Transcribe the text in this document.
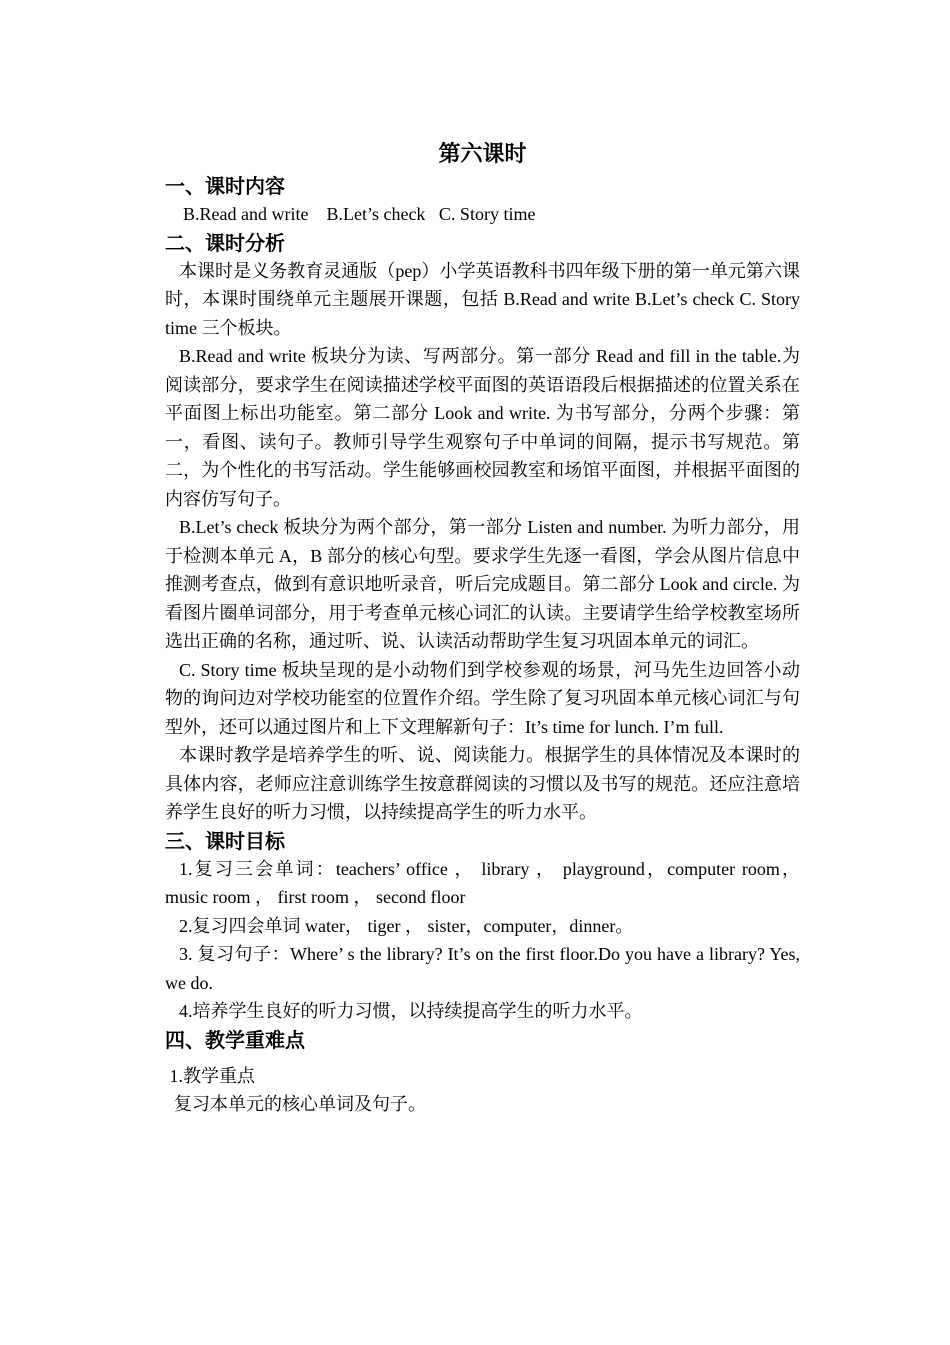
第六课时
一、课时内容

B.Read and write    B.Let’s check   C. Story time

二、课时分析

本课时是义务教育灵通版（pep）小学英语教科书四年级下册的第一单元第六课时，本课时围绕单元主题展开课题，包括 B.Read and write B.Let’s check C. Story time 三个板块。

B.Read and write 板块分为读、写两部分。第一部分 Read and fill in the table.为阅读部分，要求学生在阅读描述学校平面图的英语语段后根据描述的位置关系在平面图上标出功能室。第二部分 Look and write. 为书写部分，分两个步骤：第一，看图、读句子。教师引导学生观察句子中单词的间隔，提示书写规范。第二，为个性化的书写活动。学生能够画校园教室和场馆平面图，并根据平面图的内容仿写句子。

B.Let’s check 板块分为两个部分，第一部分 Listen and number. 为听力部分，用于检测本单元 A，B 部分的核心句型。要求学生先逐一看图，学会从图片信息中推测考查点，做到有意识地听录音，听后完成题目。第二部分 Look and circle. 为看图片圈单词部分，用于考查单元核心词汇的认读。主要请学生给学校教室场所选出正确的名称，通过听、说、认读活动帮助学生复习巩固本单元的词汇。

C. Story time 板块呈现的是小动物们到学校参观的场景，河马先生边回答小动物的询问边对学校功能室的位置作介绍。学生除了复习巩固本单元核心词汇与句型外，还可以通过图片和上下文理解新句子：It’s time for lunch. I’m full.

本课时教学是培养学生的听、说、阅读能力。根据学生的具体情况及本课时的具体内容，老师应注意训练学生按意群阅读的习惯以及书写的规范。还应注意培养学生良好的听力习惯，以持续提高学生的听力水平。

三、课时目标

1.复习三会单词：teachers’ office ， library ， playground，computer room，music room ， first room ， second floor

2.复习四会单词 water， tiger ， sister，computer，dinner。

3. 复习句子：Where’ s the library? It’s on the first floor.Do you have a library? Yes, we do.

4.培养学生良好的听力习惯，以持续提高学生的听力水平。

四、教学重难点

1.教学重点

复习本单元的核心单词及句子。
